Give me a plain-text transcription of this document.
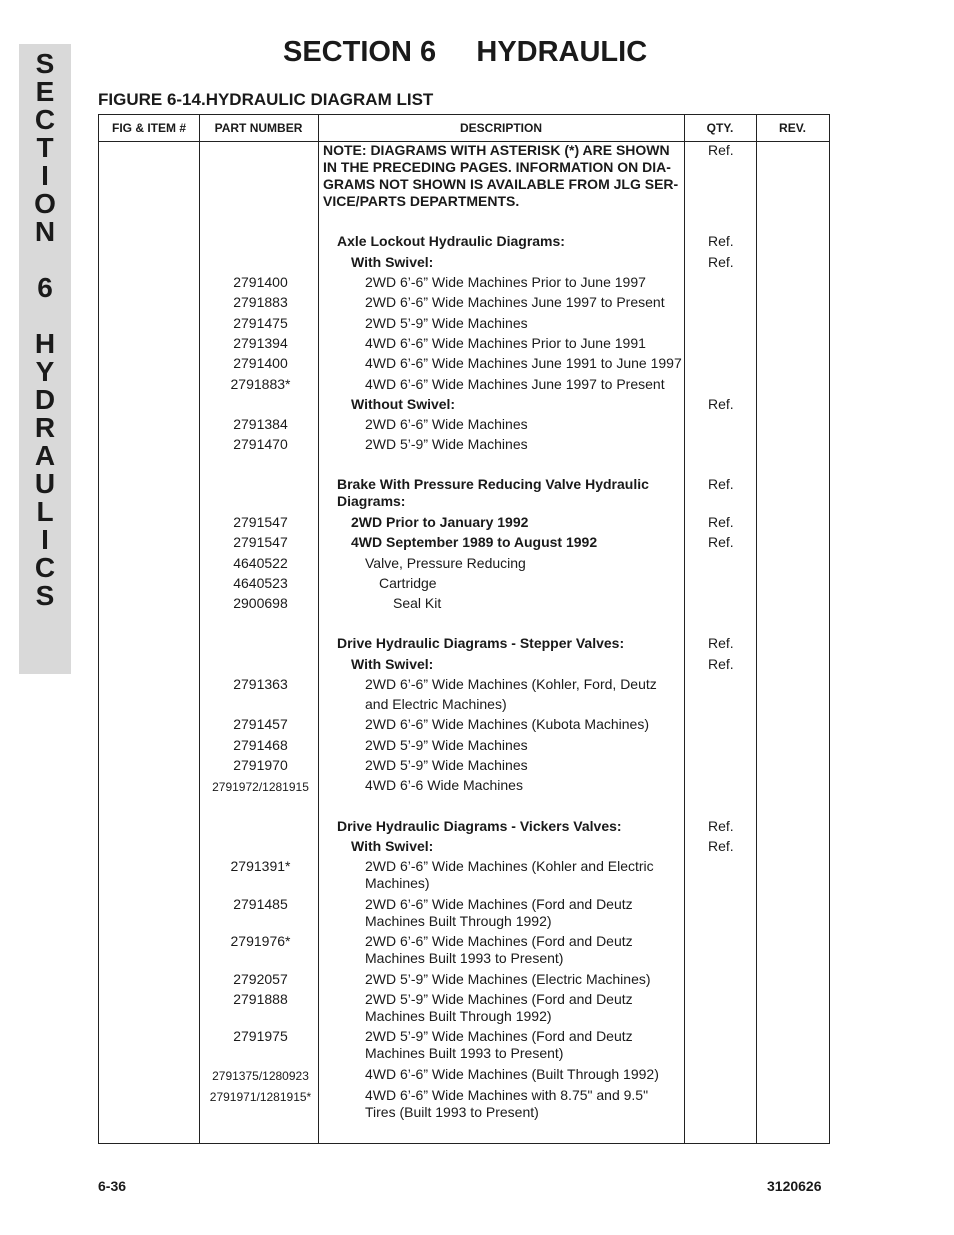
S
E
C
T
I
O
N
6
H
Y
D
R
A
U
L
I
C
S
SECTION 6     HYDRAULIC
FIGURE 6-14.HYDRAULIC DIAGRAM LIST
FIG & ITEM #	PART NUMBER	DESCRIPTION	QTY.	REV.
NOTE: DIAGRAMS WITH ASTERISK (*) ARE SHOWN
IN THE PRECEDING PAGES. INFORMATION ON DIA-
GRAMS NOT SHOWN IS AVAILABLE FROM JLG SER-
VICE/PARTS DEPARTMENTS.
Ref.
Axle Lockout Hydraulic Diagrams:	Ref.
With Swivel:	Ref.
2791400	2WD 6’-6” Wide Machines Prior to June 1997
2791883	2WD 6’-6” Wide Machines June 1997 to Present
2791475	2WD 5’-9” Wide Machines
2791394	4WD 6’-6” Wide Machines Prior to June 1991
2791400	4WD 6’-6” Wide Machines June 1991 to June 1997
2791883*	4WD 6’-6” Wide Machines June 1997 to Present
Without Swivel:	Ref.
2791384	2WD 6’-6” Wide Machines
2791470	2WD 5’-9” Wide Machines
Brake With Pressure Reducing Valve Hydraulic
Diagrams:
Ref.
2791547	2WD Prior to January 1992	Ref.
2791547	4WD September 1989 to August 1992	Ref.
4640522	Valve, Pressure Reducing
4640523	Cartridge
2900698	Seal Kit
Drive Hydraulic Diagrams - Stepper Valves:	Ref.
With Swivel:	Ref.
2791363	2WD 6’-6” Wide Machines (Kohler, Ford, Deutz
and Electric Machines)
2791457	2WD 6’-6” Wide Machines (Kubota Machines)
2791468	2WD 5’-9” Wide Machines
2791970	2WD 5’-9” Wide Machines
2791972/1281915	4WD 6’-6 Wide Machines
Drive Hydraulic Diagrams - Vickers Valves:	Ref.
With Swivel:	Ref.
2791391*	2WD 6’-6” Wide Machines (Kohler and Electric
Machines)
2791485	2WD 6’-6” Wide Machines (Ford and Deutz
Machines Built Through 1992)
2791976*	2WD 6’-6” Wide Machines (Ford and Deutz
Machines Built 1993 to Present)
2792057	2WD 5’-9” Wide Machines (Electric Machines)
2791888	2WD 5’-9” Wide Machines (Ford and Deutz
Machines Built Through 1992)
2791975	2WD 5’-9” Wide Machines (Ford and Deutz
Machines Built 1993 to Present)
2791375/1280923	4WD 6’-6” Wide Machines (Built Through 1992)
2791971/1281915*	4WD 6’-6” Wide Machines with 8.75" and 9.5"
Tires (Built 1993 to Present)
6-36	3120626
